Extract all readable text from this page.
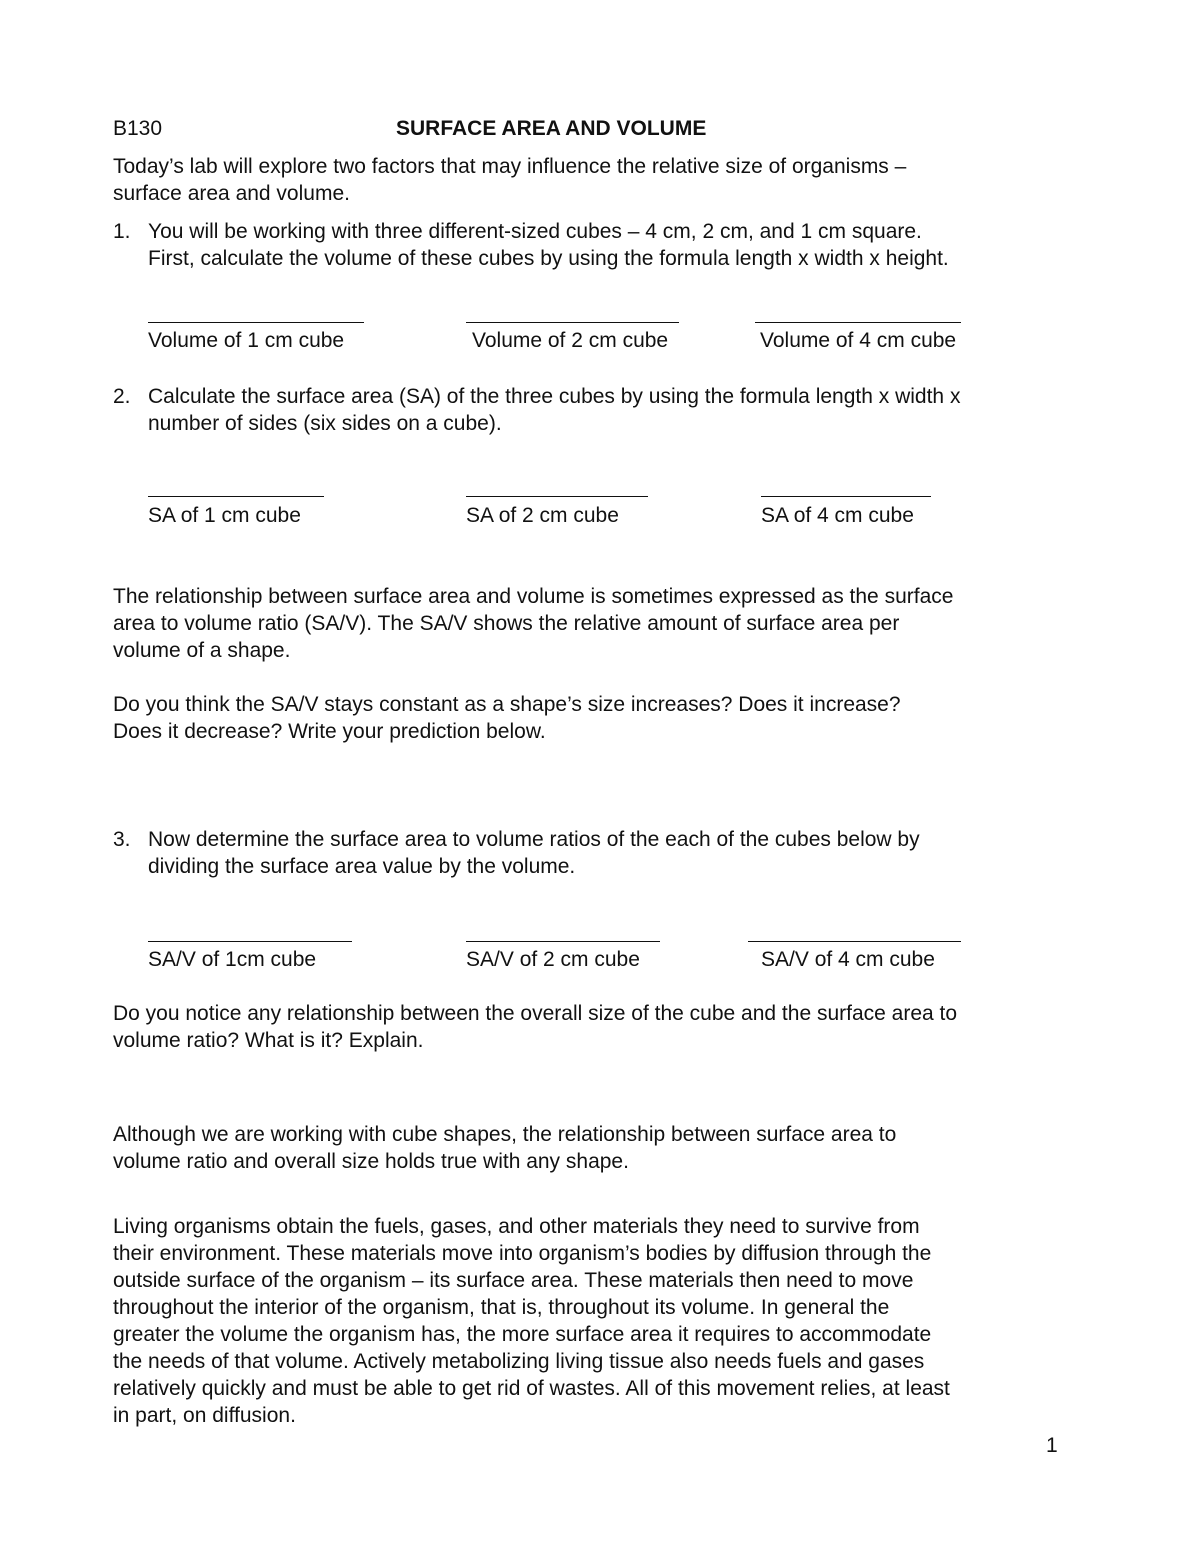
B130	SURFACE AREA AND VOLUME
Today’s lab will explore two factors that may influence the relative size of organisms –
surface area and volume.
1. You will be working with three different-sized cubes – 4 cm, 2 cm, and 1 cm square.
First, calculate the volume of these cubes by using the formula length x width x height.
Volume of 1 cm cube	Volume of 2 cm cube	Volume of 4 cm cube
2. Calculate the surface area (SA) of the three cubes by using the formula length x width x
number of sides (six sides on a cube).
SA of 1 cm cube	SA of 2 cm cube	SA of 4 cm cube
The relationship between surface area and volume is sometimes expressed as the surface
area to volume ratio (SA/V). The SA/V shows the relative amount of surface area per
volume of a shape.
Do you think the SA/V stays constant as a shape’s size increases? Does it increase?
Does it decrease? Write your prediction below.
3. Now determine the surface area to volume ratios of the each of the cubes below by
dividing the surface area value by the volume.
SA/V of 1cm cube	SA/V of 2 cm cube	SA/V of 4 cm cube
Do you notice any relationship between the overall size of the cube and the surface area to
volume ratio? What is it? Explain.
Although we are working with cube shapes, the relationship between surface area to
volume ratio and overall size holds true with any shape.
Living organisms obtain the fuels, gases, and other materials they need to survive from
their environment. These materials move into organism’s bodies by diffusion through the
outside surface of the organism – its surface area. These materials then need to move
throughout the interior of the organism, that is, throughout its volume. In general the
greater the volume the organism has, the more surface area it requires to accommodate
the needs of that volume. Actively metabolizing living tissue also needs fuels and gases
relatively quickly and must be able to get rid of wastes. All of this movement relies, at least
in part, on diffusion.
1
